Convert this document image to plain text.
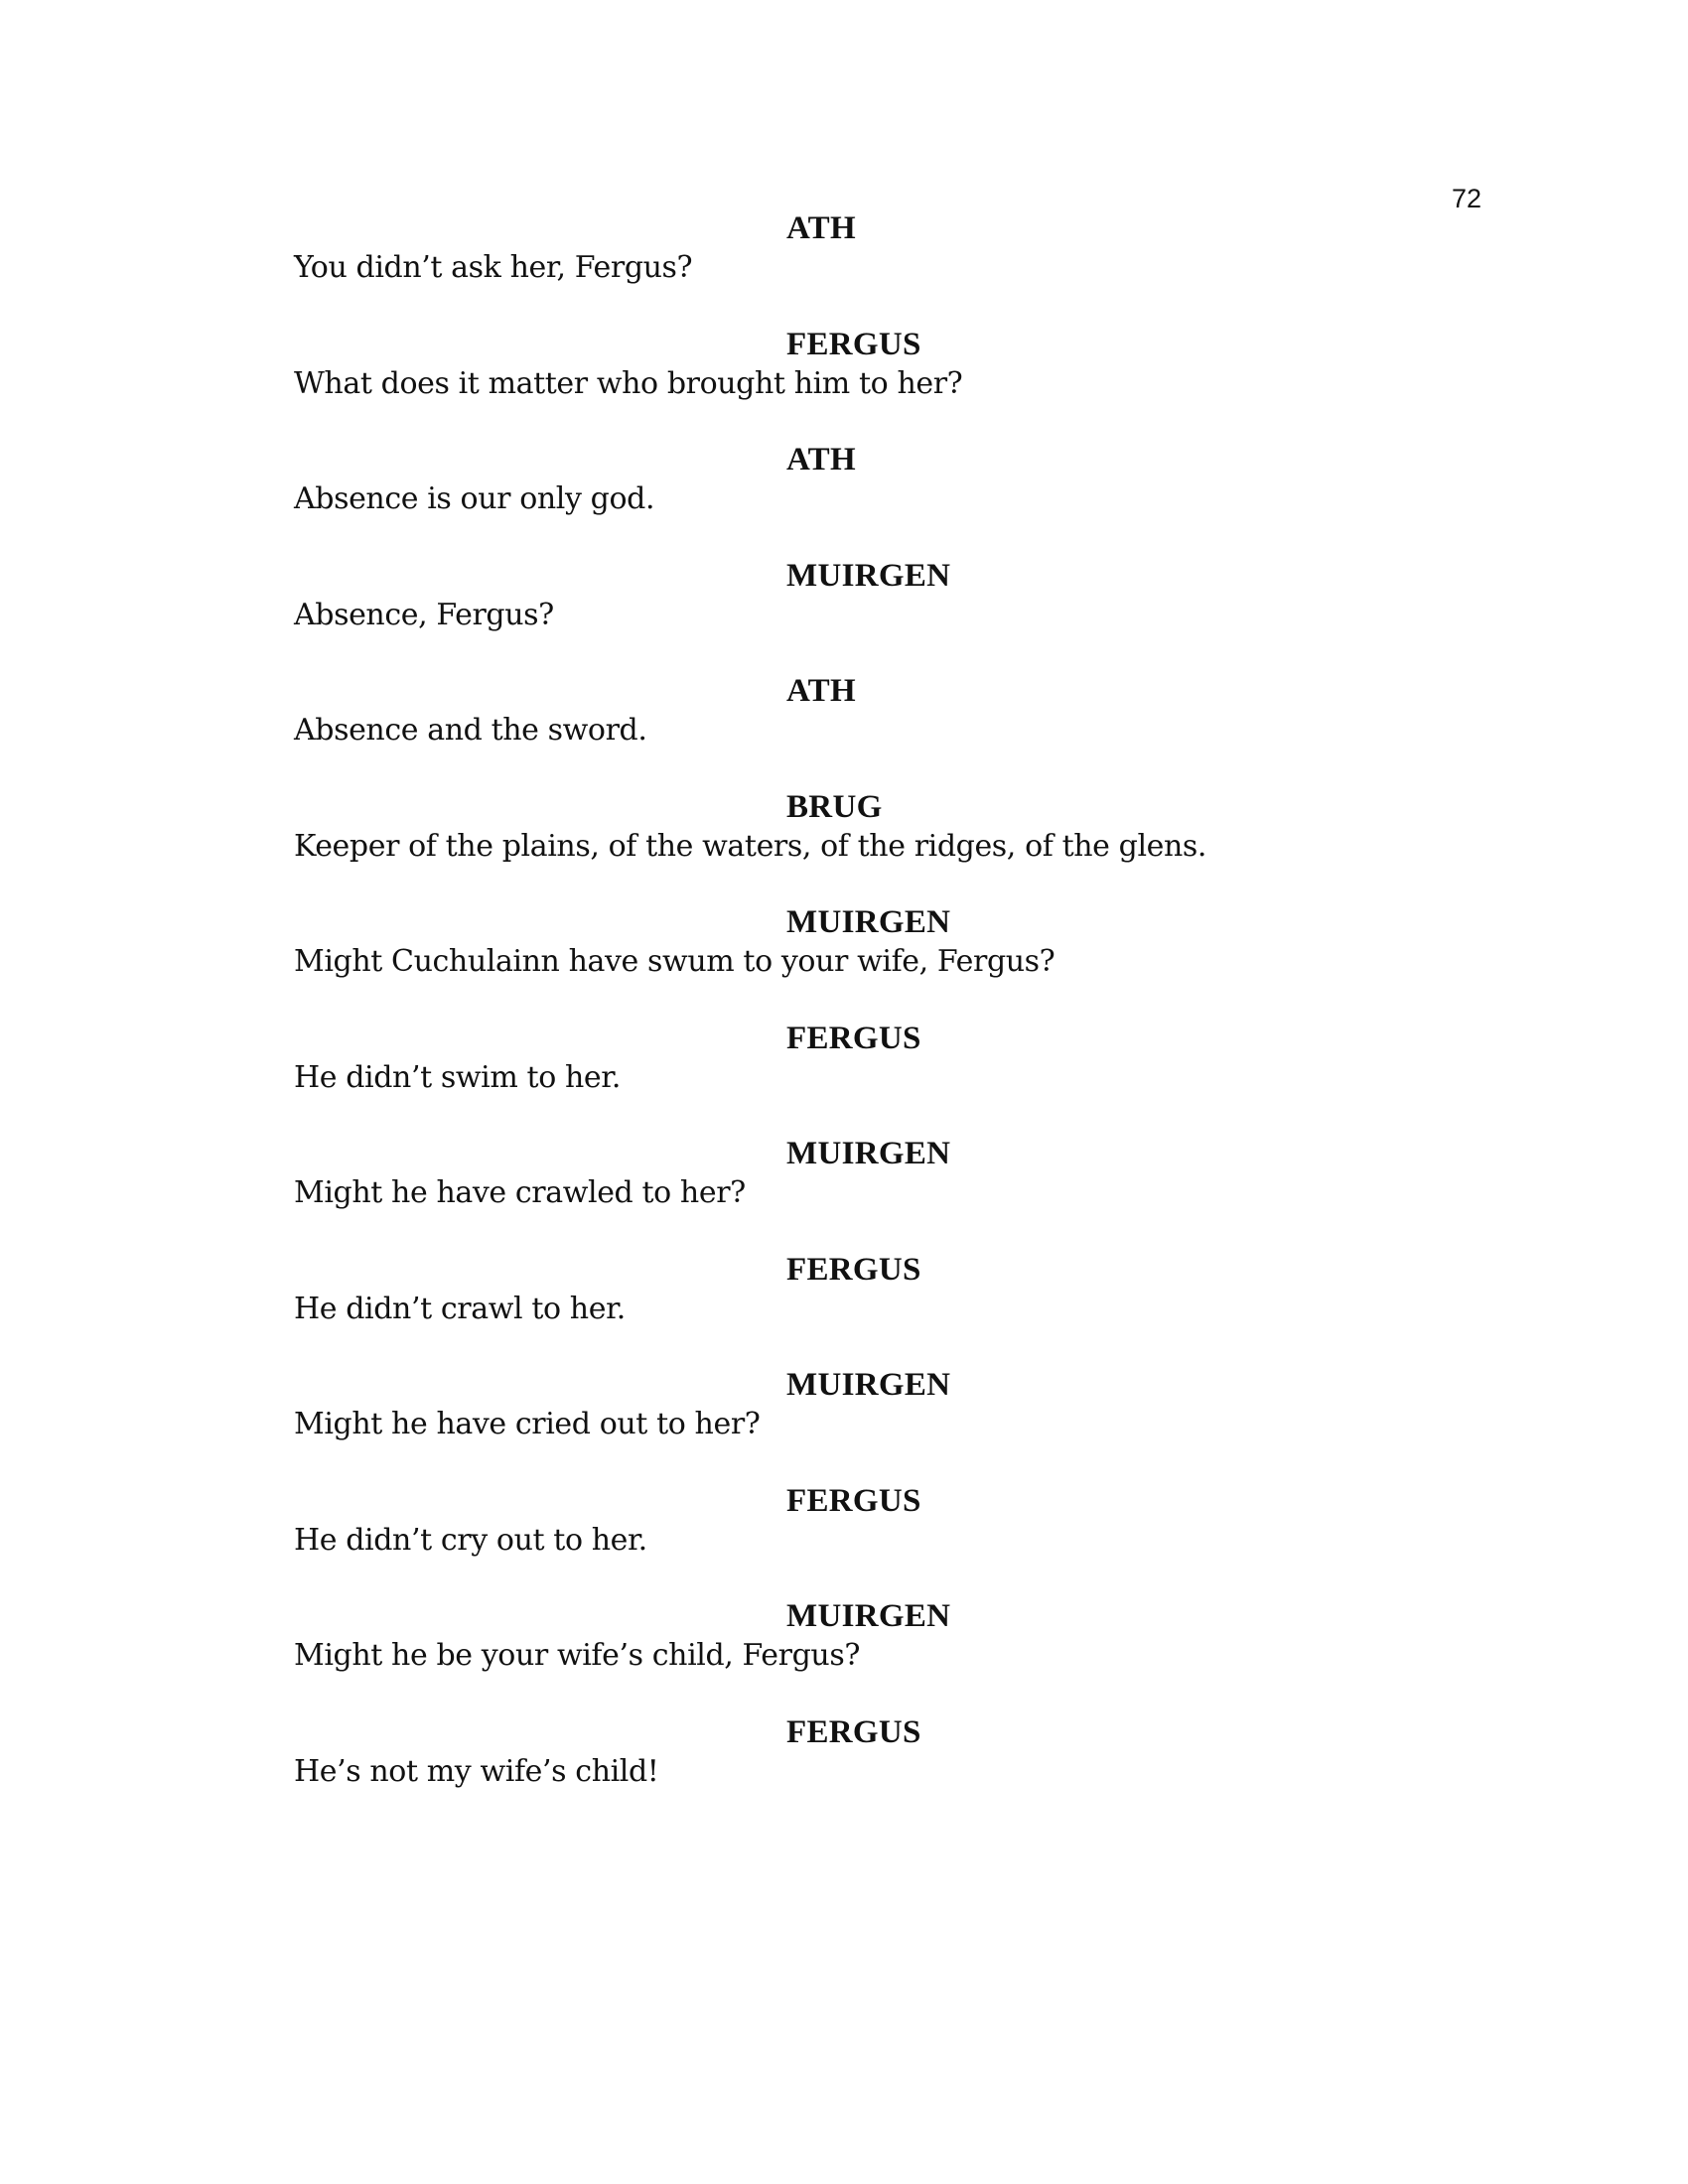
72
ATH
You didn’t ask her, Fergus?
FERGUS
What does it matter who brought him to her?
ATH
Absence is our only god.
MUIRGEN
Absence, Fergus?
ATH
Absence and the sword.
BRUG
Keeper of the plains, of the waters, of the ridges, of the glens.
MUIRGEN
Might Cuchulainn have swum to your wife, Fergus?
FERGUS
He didn’t swim to her.
MUIRGEN
Might he have crawled to her?
FERGUS
He didn’t crawl to her.
MUIRGEN
Might he have cried out to her?
FERGUS
He didn’t cry out to her.
MUIRGEN
Might he be your wife’s child, Fergus?
FERGUS
He’s not my wife’s child!
